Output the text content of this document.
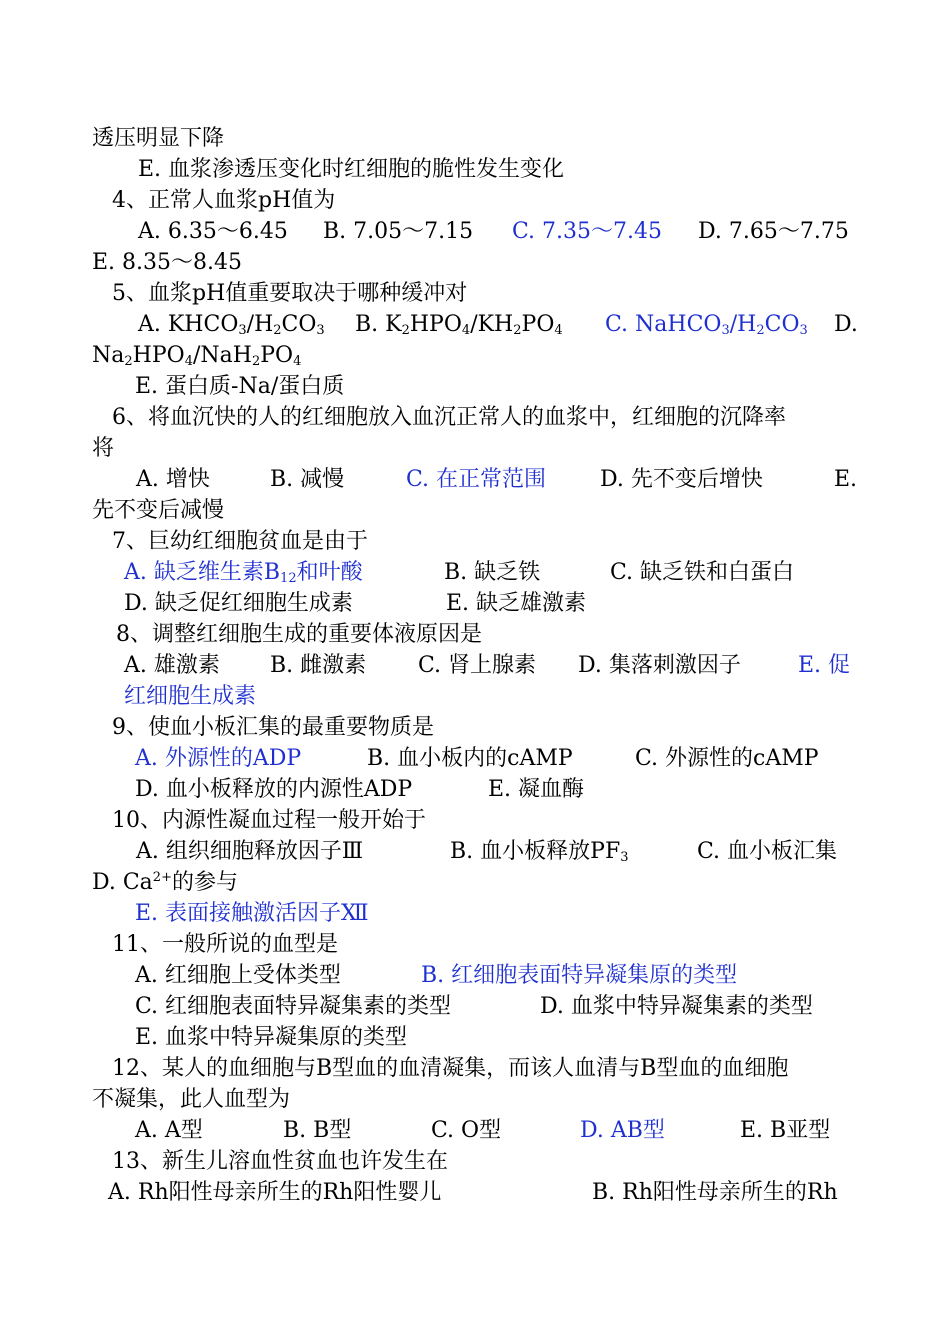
透压明显下降
E. 血浆渗透压变化时红细胞的脆性发生变化
4、正常人血浆pH值为
A. 6.35～6.45 B. 7.05～7.15 C. 7.35～7.45 D. 7.65～7.75
E. 8.35～8.45
5、血浆pH值重要取决于哪种缓冲对
A. $KHCO_3/H_2CO_3$ B. $K_2HPO_4/KH_2PO_4$ C. $NaHCO_3/H_2CO_3$ D.
$Na_2HPO_4/NaH_2PO_4$
E. 蛋白质-Na/蛋白质
6、将血沉快的人的红细胞放入血沉正常人的血浆中，红细胞的沉降率
将
A. 增快	B. 减慢	C. 在正常范围 D. 先不变后增快	E.
先不变后减慢
7、巨幼红细胞贫血是由于
A. 缺乏维生素$B_{12}$和叶酸	B. 缺乏铁	C. 缺乏铁和白蛋白
D. 缺乏促红细胞生成素	E. 缺乏雄激素
8、调整红细胞生成的重要体液原因是
A. 雄激素 B. 雌激素 C. 肾上腺素 D. 集落刺激因子	E. 促
红细胞生成素
9、使血小板汇集的最重要物质是
A. 外源性的ADP	B. 血小板内的cAMP	C. 外源性的cAMP
D. 血小板释放的内源性ADP	E. 凝血酶
10、内源性凝血过程一般开始于
A. 组织细胞释放因子Ⅲ	B. 血小板释放$PF_3$	C. 血小板汇集
D. $Ca^{2+}$的参与
E. 表面接触激活因子Ⅻ
11、一般所说的血型是
A. 红细胞上受体类型	B. 红细胞表面特异凝集原的类型
C. 红细胞表面特异凝集素的类型	D. 血浆中特异凝集素的类型
E. 血浆中特异凝集原的类型
12、某人的血细胞与B型血的血清凝集，而该人血清与B型血的血细胞
不凝集，此人血型为
A. A型	B. B型	C. O型	D. AB型	E. B亚型
13、新生儿溶血性贫血也许发生在
A. Rh阳性母亲所生的Rh阳性婴儿	B. Rh阳性母亲所生的Rh
